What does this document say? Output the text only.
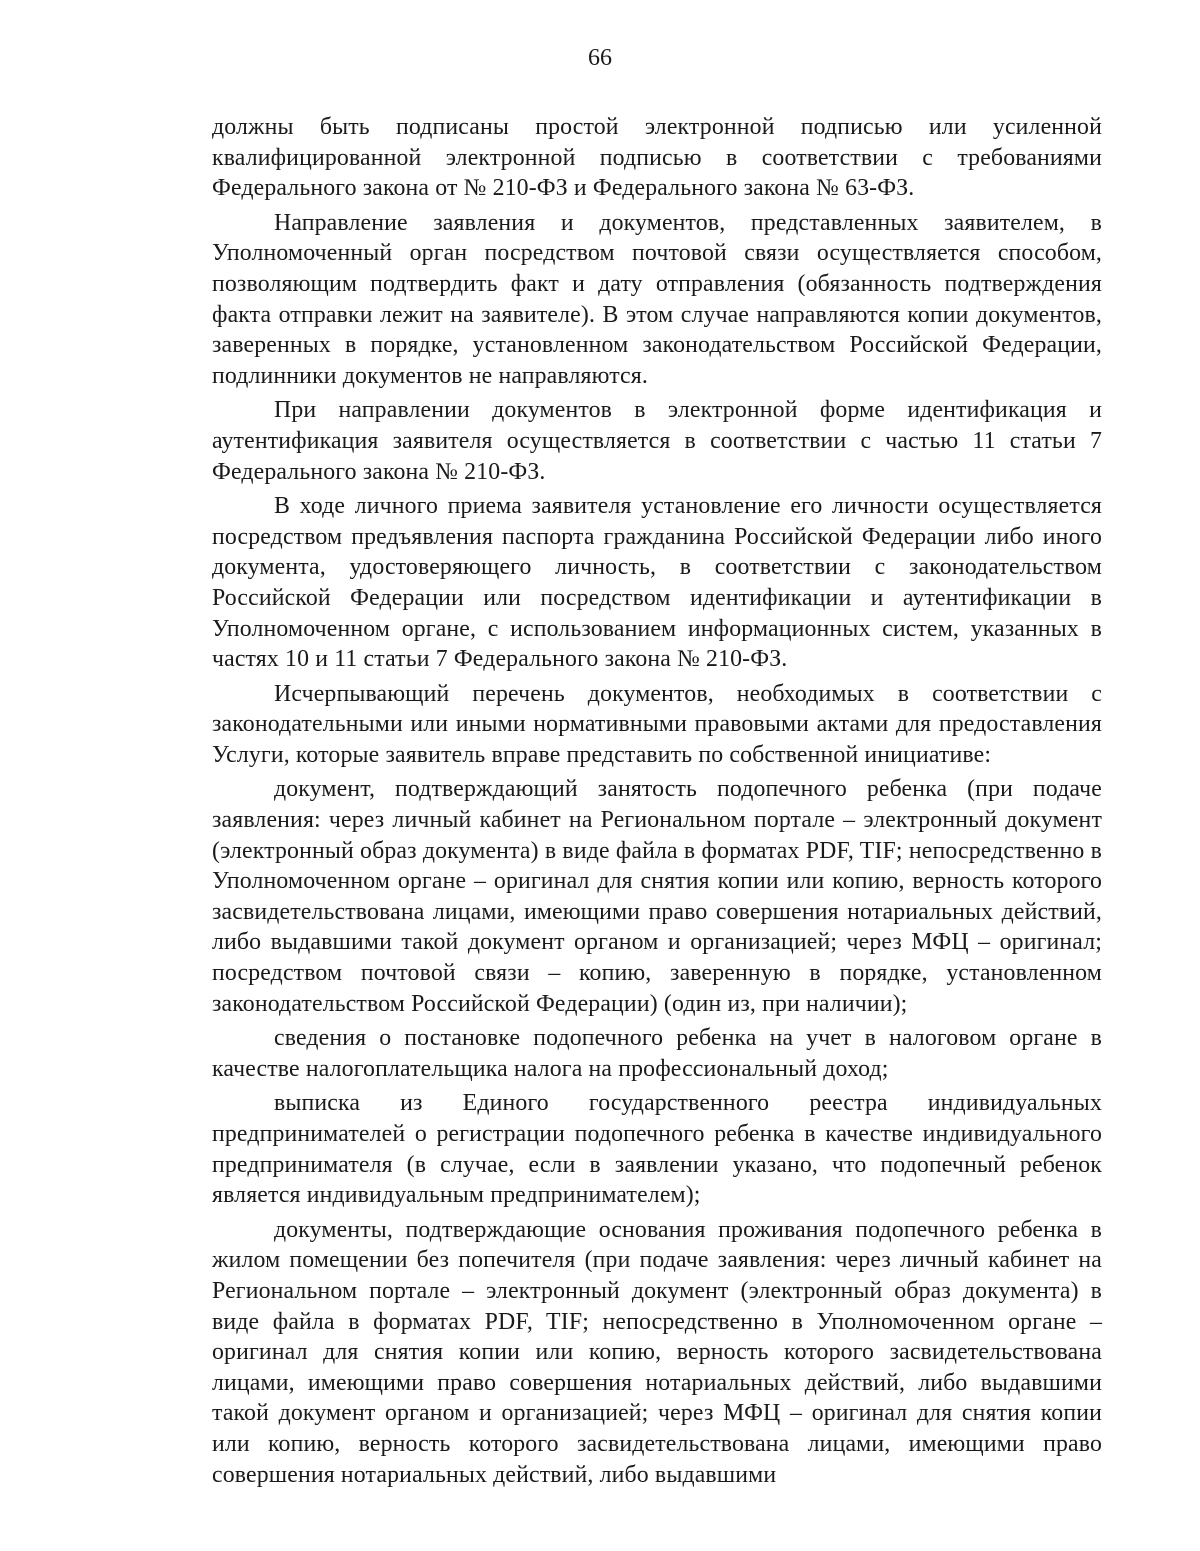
66

должны быть подписаны простой электронной подписью или усиленной квалифицированной электронной подписью в соответствии с требованиями Федерального закона от № 210-ФЗ и Федерального закона № 63-ФЗ.

Направление заявления и документов, представленных заявителем, в Уполномоченный орган посредством почтовой связи осуществляется способом, позволяющим подтвердить факт и дату отправления (обязанность подтверждения факта отправки лежит на заявителе). В этом случае направляются копии документов, заверенных в порядке, установленном законодательством Российской Федерации, подлинники документов не направляются.

При направлении документов в электронной форме идентификация и аутентификация заявителя осуществляется в соответствии с частью 11 статьи 7 Федерального закона № 210-ФЗ.

В ходе личного приема заявителя установление его личности осуществляется посредством предъявления паспорта гражданина Российской Федерации либо иного документа, удостоверяющего личность, в соответствии с законодательством Российской Федерации или посредством идентификации и аутентификации в Уполномоченном органе, с использованием информационных систем, указанных в частях 10 и 11 статьи 7 Федерального закона № 210-ФЗ.

Исчерпывающий перечень документов, необходимых в соответствии с законодательными или иными нормативными правовыми актами для предоставления Услуги, которые заявитель вправе представить по собственной инициативе:

документ, подтверждающий занятость подопечного ребенка (при подаче заявления: через личный кабинет на Региональном портале – электронный документ (электронный образ документа) в виде файла в форматах PDF, TIF; непосредственно в Уполномоченном органе – оригинал для снятия копии или копию, верность которого засвидетельствована лицами, имеющими право совершения нотариальных действий, либо выдавшими такой документ органом и организацией; через МФЦ – оригинал; посредством почтовой связи – копию, заверенную в порядке, установленном законодательством Российской Федерации) (один из, при наличии);

сведения о постановке подопечного ребенка на учет в налоговом органе в качестве налогоплательщика налога на профессиональный доход;

выписка из Единого государственного реестра индивидуальных предпринимателей о регистрации подопечного ребенка в качестве индивидуального предпринимателя (в случае, если в заявлении указано, что подопечный ребенок является индивидуальным предпринимателем);

документы, подтверждающие основания проживания подопечного ребенка в жилом помещении без попечителя (при подаче заявления: через личный кабинет на Региональном портале – электронный документ (электронный образ документа) в виде файла в форматах PDF, TIF; непосредственно в Уполномоченном органе – оригинал для снятия копии или копию, верность которого засвидетельствована лицами, имеющими право совершения нотариальных действий, либо выдавшими такой документ органом и организацией; через МФЦ – оригинал для снятия копии или копию, верность которого засвидетельствована лицами, имеющими право совершения нотариальных действий, либо выдавшими
